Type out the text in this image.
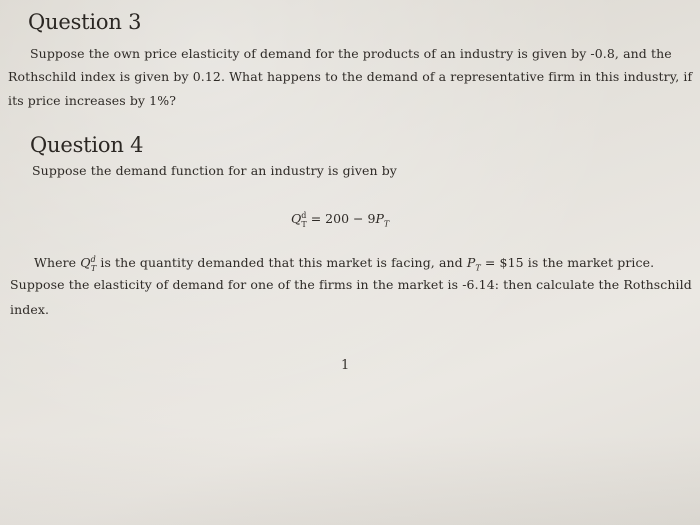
Question 3
Suppose the own price elasticity of demand for the products of an industry is given by -0.8, and the
Rothschild index is given by 0.12. What happens to the demand of a representative firm in this industry, if
its price increases by 1%?
Question 4
Suppose the demand function for an industry is given by
$Q^d_T = 200 - 9P_T$
Where $Q^d_T$ is the quantity demanded that this market is facing, and $P_T$ = $15 is the market price.
Suppose the elasticity of demand for one of the firms in the market is -6.14: then calculate the Rothschild
index.
1
